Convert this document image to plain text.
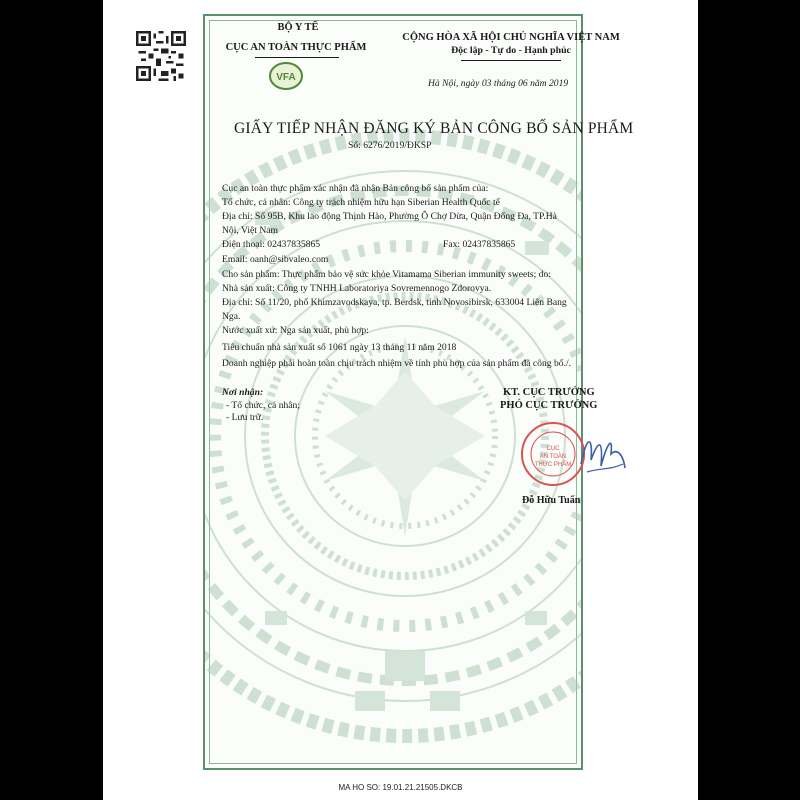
BỘ Y TẾ
CỤC AN TOÀN THỰC PHẨM
VFA
CỘNG HÒA XÃ HỘI CHỦ NGHĨA VIỆT NAM
Độc lập - Tự do - Hạnh phúc
Hà Nội, ngày 03 tháng 06 năm 2019
GIẤY TIẾP NHẬN ĐĂNG KÝ BẢN CÔNG BỐ SẢN PHẨM
Số: 6276/2019/ĐKSP
Cục an toàn thực phẩm xác nhận đã nhận Bản công bố sản phẩm của:
Tổ chức, cá nhân: Công ty trách nhiệm hữu hạn Siberian Health Quốc tế
Địa chỉ: Số 95B, Khu lao động Thịnh Hào, Phường Ô Chợ Dừa, Quận Đống Đa, TP.Hà
Nội, Việt Nam
Điện thoại: 02437835865	Fax: 02437835865
Email: oanh@sibvaleo.com
Cho sản phẩm: Thực phẩm bảo vệ sức khỏe Vitamama Siberian immunity sweets; do:
Nhà sản xuất: Công ty TNHH Laboratoriya Sovremennogo Zdorovya.
Địa chỉ: Số 11/20, phố Khimzavodskaya, tp. Berdsk, tỉnh Novosibirsk, 633004 Liên Bang
Nga.
Nước xuất xứ: Nga sản xuất, phù hợp:
Tiêu chuẩn nhà sản xuất số 1061 ngày 13 tháng 11 năm 2018
Doanh nghiệp phải hoàn toàn chịu trách nhiệm về tính phù hợp của sản phẩm đã công bố./.
Nơi nhận:
- Tổ chức, cá nhân;
- Lưu trữ.
KT. CỤC TRƯỞNG
PHÓ CỤC TRƯỞNG
CỤC
AN TOÀN
THỰC PHẨM
Đỗ Hữu Tuấn
MA HO SO: 19.01.21.21505.DKCB
